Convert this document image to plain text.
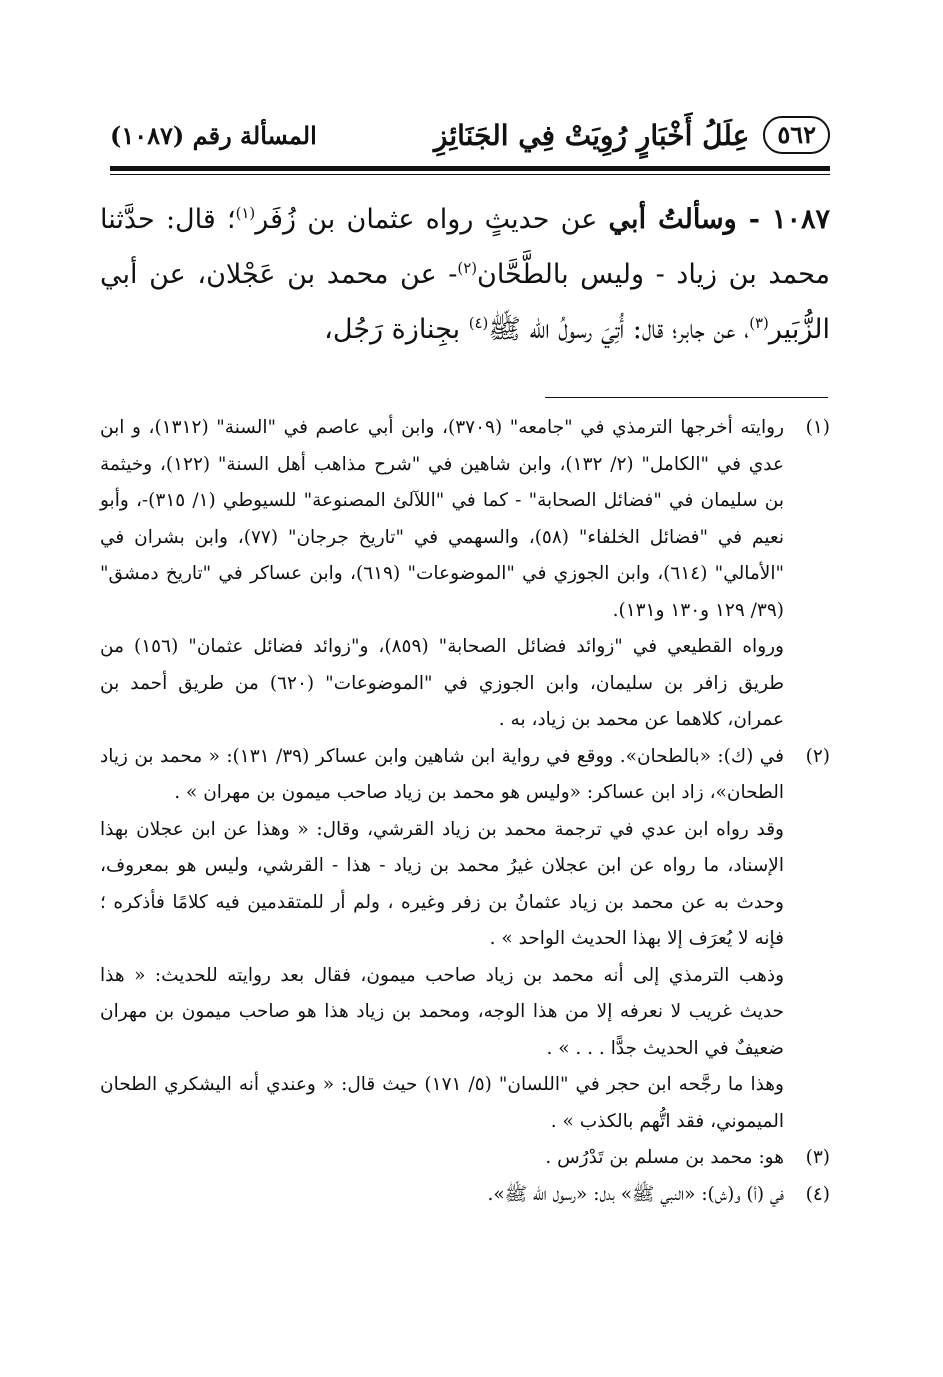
٥٦٢
عِلَلُ أَخْبَارٍ رُوِيَتْ فِي الجَنَائِزِ
المسألة رقم (١٠٨٧)

١٠٨٧ - وسألتُ أبي عن حديثٍ رواه عثمان بن زُفَر$^{(١)}$؛ قال: حدَّثنا محمد بن زياد - وليس بالطَّحَّان$^{(٢)}$- عن محمد بن عَجْلان، عن أبي الزُّبَير$^{(٣)}$، عن جابر؛ قال: أُتِيَ رسولُ الله ﷺ$^{(٤)}$ بجِنازة رَجُل،

(١)

روايته أخرجها الترمذي في "جامعه" (٣٧٠٩)، وابن أبي عاصم في "السنة" (١٣١٢)، و ابن عدي في "الكامل" (٢/ ١٣٢)، وابن شاهين في "شرح مذاهب أهل السنة" (١٢٢)، وخيثمة بن سليمان في "فضائل الصحابة" - كما في "اللآلئ المصنوعة" للسيوطي (١/ ٣١٥)-، وأبو نعيم في "فضائل الخلفاء" (٥٨)، والسهمي في "تاريخ جرجان" (٧٧)، وابن بشران في "الأمالي" (٦١٤)، وابن الجوزي في "الموضوعات" (٦١٩)، وابن عساكر في "تاريخ دمشق" (٣٩/ ١٢٩ و١٣٠ و١٣١).

ورواه القطيعي في "زوائد فضائل الصحابة" (٨٥٩)، و"زوائد فضائل عثمان" (١٥٦) من طريق زافر بن سليمان، وابن الجوزي في "الموضوعات" (٦٢٠) من طريق أحمد بن عمران، كلاهما عن محمد بن زياد، به .

(٢)

في (ك): «بالطحان». ووقع في رواية ابن شاهين وابن عساكر (٣٩/ ١٣١): « محمد بن زياد الطحان»، زاد ابن عساكر: «وليس هو محمد بن زياد صاحب ميمون بن مهران » .

وقد رواه ابن عدي في ترجمة محمد بن زياد القرشي، وقال: « وهذا عن ابن عجلان بهذا الإسناد، ما رواه عن ابن عجلان غيرُ محمد بن زياد - هذا - القرشي، وليس هو بمعروف، وحدث به عن محمد بن زياد عثمانُ بن زفر وغيره ، ولم أر للمتقدمين فيه كلامًا فأذكره ؛ فإنه لا يُعرَف إلا بهذا الحديث الواحد » .

وذهب الترمذي إلى أنه محمد بن زياد صاحب ميمون، فقال بعد روايته للحديث: « هذا حديث غريب لا نعرفه إلا من هذا الوجه، ومحمد بن زياد هذا هو صاحب ميمون بن مهران ضعيفٌ في الحديث جدًّا . . . » .

وهذا ما رجَّحه ابن حجر في "اللسان" (٥/ ١٧١) حيث قال: « وعندي أنه اليشكري الطحان الميموني، فقد اتُّهم بالكذب » .

(٣)

هو: محمد بن مسلم بن تَدْرُس .

(٤)

في (أ) و(ش): «النبي ﷺ» بدل: «رسول الله ﷺ».
